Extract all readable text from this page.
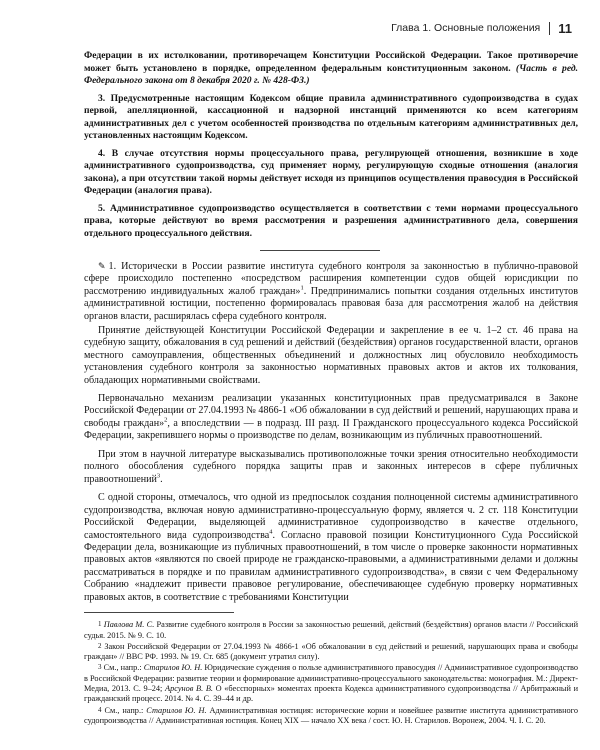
Глава 1. Основные положения 11

Федерации в их истолковании, противоречащем Конституции Российской Федерации. Такое противоречие может быть установлено в порядке, определенном федеральным конституционным законом. (Часть в ред. Федерального закона от 8 декабря 2020 г. № 428-ФЗ.)

3. Предусмотренные настоящим Кодексом общие правила административного судопроизводства в судах первой, апелляционной, кассационной и надзорной инстанций применяются ко всем категориям административных дел с учетом особенностей производства по отдельным категориям административных дел, установленных настоящим Кодексом.

4. В случае отсутствия нормы процессуального права, регулирующей отношения, возникшие в ходе административного судопроизводства, суд применяет норму, регулирующую сходные отношения (аналогия закона), а при отсутствии такой нормы действует исходя из принципов осуществления правосудия в Российской Федерации (аналогия права).

5. Административное судопроизводство осуществляется в соответствии с теми нормами процессуального права, которые действуют во время рассмотрения и разрешения административного дела, совершения отдельного процессуального действия.

✎ 1. Исторически в России развитие института судебного контроля за законностью в публично-правовой сфере происходило постепенно «посредством расширения компетенции судов общей юрисдикции по рассмотрению индивидуальных жалоб граждан»$^1$. Предпринимались попытки создания отдельных институтов административной юстиции, постепенно формировалась правовая база для рассмотрения жалоб на действия органов власти, расширялась сфера судебного контроля.

Принятие действующей Конституции Российской Федерации и закрепление в ее ч. 1–2 ст. 46 права на судебную защиту, обжалования в суд решений и действий (бездействия) органов государственной власти, органов местного самоуправления, общественных объединений и должностных лиц обусловило необходимость установления судебного контроля за законностью нормативных правовых актов и актов их толкования, обладающих нормативными свойствами.

Первоначально механизм реализации указанных конституционных прав предусматривался в Законе Российской Федерации от 27.04.1993 № 4866-1 «Об обжаловании в суд действий и решений, нарушающих права и свободы граждан»$^2$, а впоследствии — в подразд. III разд. II Гражданского процессуального кодекса Российской Федерации, закрепившего нормы о производстве по делам, возникающим из публичных правоотношений.

При этом в научной литературе высказывались противоположные точки зрения относительно необходимости полного обособления судебного порядка защиты прав и законных интересов в сфере публичных правоотношений$^3$.

С одной стороны, отмечалось, что одной из предпосылок создания полноценной системы административного судопроизводства, включая новую административно-процессуальную форму, является ч. 2 ст. 118 Конституции Российской Федерации, выделяющей административное судопроизводство в качестве отдельного, самостоятельного вида судопроизводства$^4$. Согласно правовой позиции Конституционного Суда Российской Федерации дела, возникающие из публичных правоотношений, в том числе о проверке законности нормативных правовых актов «являются по своей природе не гражданско-правовыми, а административными делами и должны рассматриваться в порядке и по правилам административного судопроизводства», в связи с чем Федеральному Собранию «надлежит привести правовое регулирование, обеспечивающее судебную проверку нормативных правовых актов, в соответствие с требованиями Конституции

1 Павлова М. С. Развитие судебного контроля в России за законностью решений, действий (бездействия) органов власти // Российский судья. 2015. № 9. С. 10.

2 Закон Российской Федерации от 27.04.1993 № 4866-1 «Об обжаловании в суд действий и решений, нарушающих права и свободы граждан» // ВВС РФ. 1993. № 19. Ст. 685 (документ утратил силу).

3 См., напр.: Старилов Ю. Н. Юридические суждения о пользе административного правосудия // Административное судопроизводство в Российской Федерации: развитие теории и формирование административно-процессуального законодательства: монография. М.: Директ-Медиа, 2013. С. 9–24; Арсунов В. В. О «бесспорных» моментах проекта Кодекса административного судопроизводства // Арбитражный и гражданский процесс. 2014. № 4. С. 39–44 и др.

4 См., напр.: Старилов Ю. Н. Административная юстиция: исторические корни и новейшее развитие института административного судопроизводства // Административная юстиция. Конец XIX — начало XX века / сост. Ю. Н. Старилов. Воронеж, 2004. Ч. I. С. 20.
